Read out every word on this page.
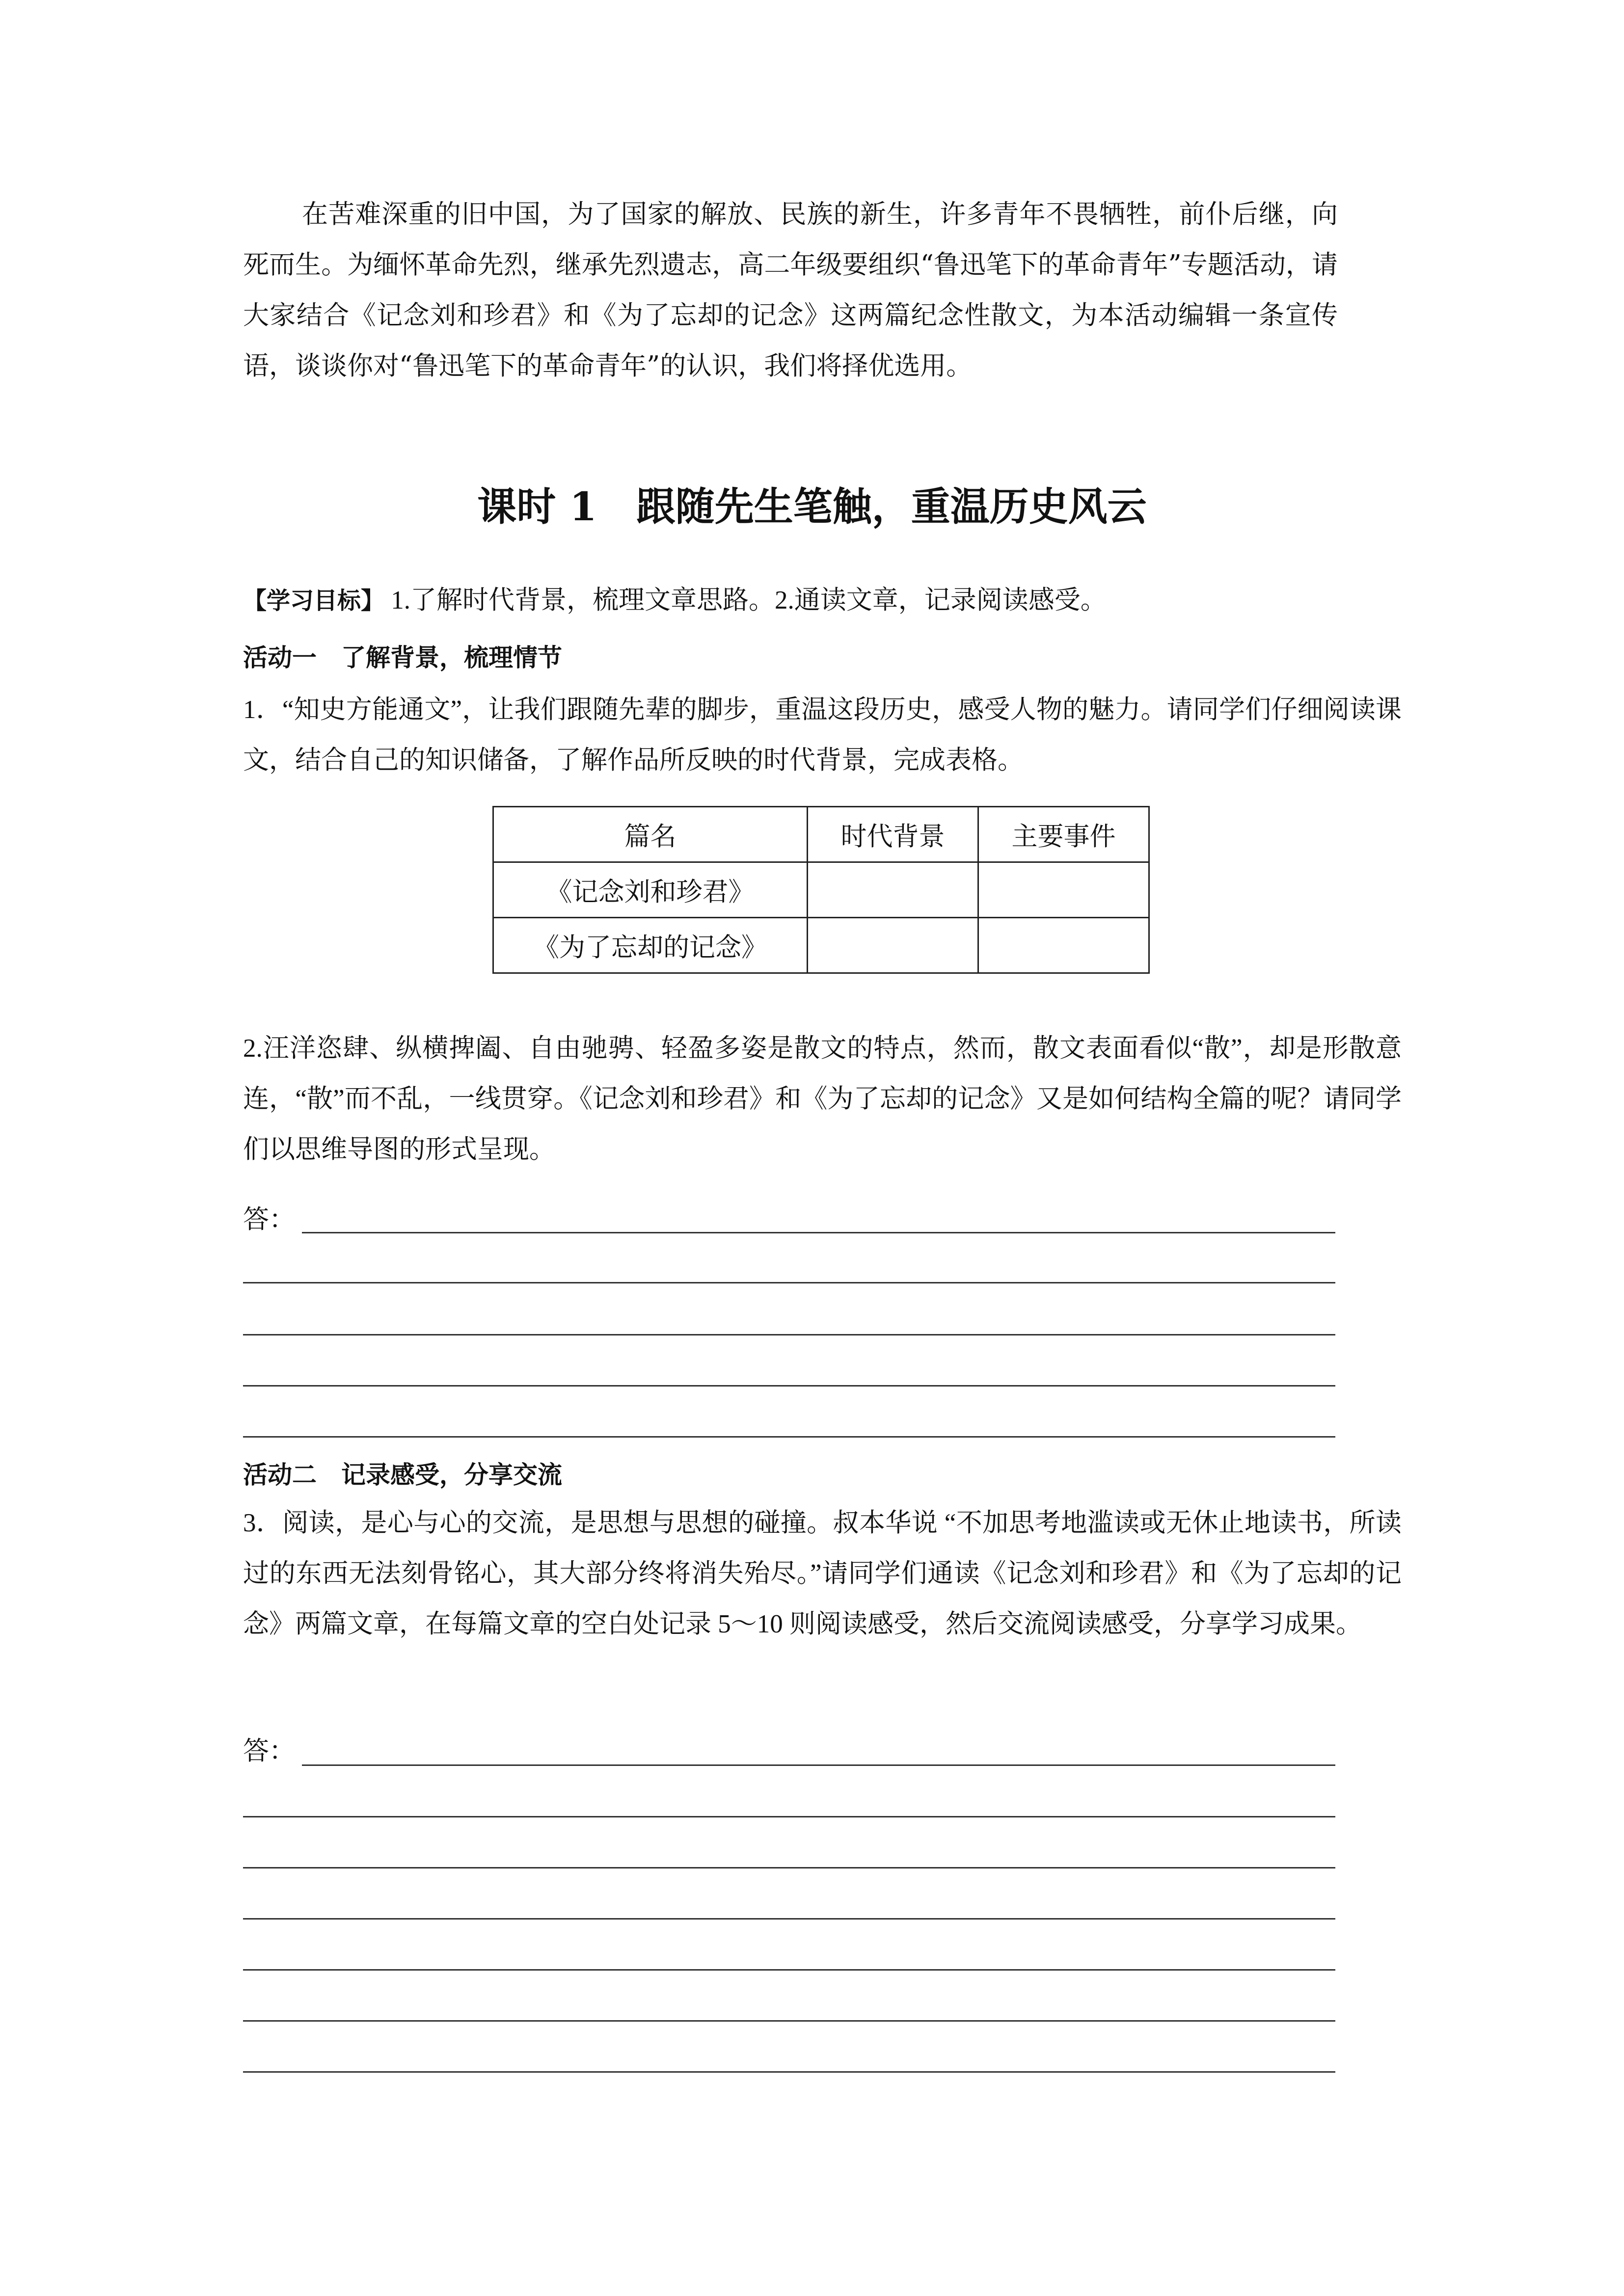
在苦难深重的旧中国，为了国家的解放、民族的新生，许多青年不畏牺牲，前仆后继，向死而生。为缅怀革命先烈，继承先烈遗志，高二年级要组织“鲁迅笔下的革命青年”专题活动，请大家结合《记念刘和珍君》和《为了忘却的记念》这两篇纪念性散文，为本活动编辑一条宣传语，谈谈你对“鲁迅笔下的革命青年”的认识，我们将择优选用。

课时 1　跟随先生笔触，重温历史风云

【学习目标】 1.了解时代背景，梳理文章思路。2.通读文章，记录阅读感受。

活动一　了解背景，梳理情节

1．“知史方能通文”，让我们跟随先辈的脚步，重温这段历史，感受人物的魅力。请同学们仔细阅读课文，结合自己的知识储备，了解作品所反映的时代背景，完成表格。

篇名	时代背景	主要事件
《记念刘和珍君》		
《为了忘却的记念》		

2.汪洋恣肆、纵横捭阖、自由驰骋、轻盈多姿是散文的特点，然而，散文表面看似“散”，却是形散意连，“散”而不乱，一线贯穿。《记念刘和珍君》和《为了忘却的记念》又是如何结构全篇的呢？请同学们以思维导图的形式呈现。

答：
活动二　记录感受，分享交流

3．阅读，是心与心的交流，是思想与思想的碰撞。叔本华说 “不加思考地滥读或无休止地读书，所读过的东西无法刻骨铭心，其大部分终将消失殆尽。”请同学们通读《记念刘和珍君》和《为了忘却的记念》两篇文章，在每篇文章的空白处记录 5～10 则阅读感受，然后交流阅读感受，分享学习成果。

答：
